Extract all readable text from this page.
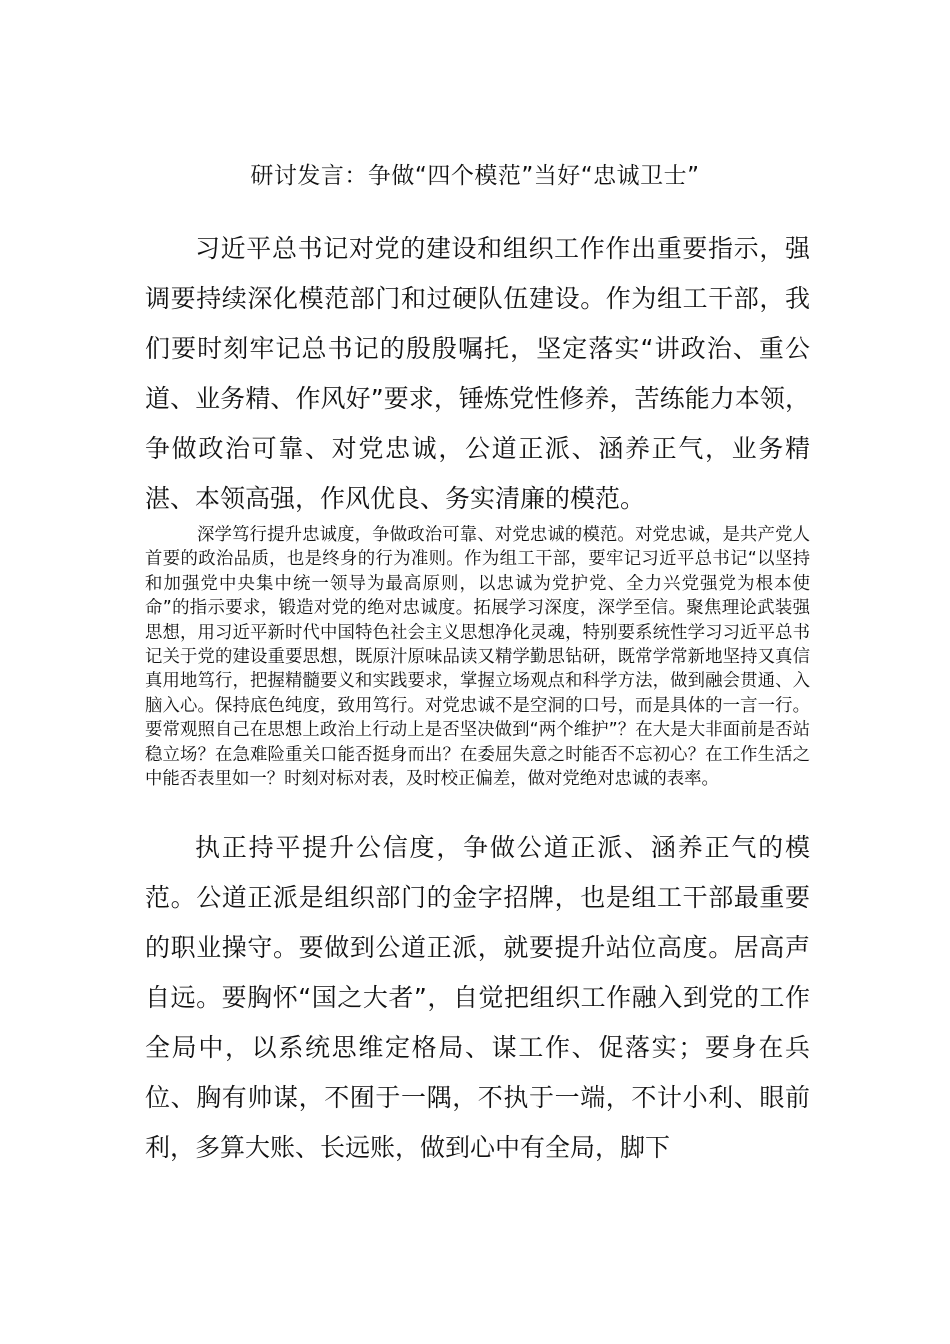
研讨发言：争做“四个模范”当好“忠诚卫士”

习近平总书记对党的建设和组织工作作出重要指示，强调要持续深化模范部门和过硬队伍建设。作为组工干部，我们要时刻牢记总书记的殷殷嘱托，坚定落实“讲政治、重公道、业务精、作风好”要求，锤炼党性修养，苦练能力本领，争做政治可靠、对党忠诚，公道正派、涵养正气，业务精湛、本领高强，作风优良、务实清廉的模范。

深学笃行提升忠诚度，争做政治可靠、对党忠诚的模范。对党忠诚，是共产党人首要的政治品质，也是终身的行为准则。作为组工干部，要牢记习近平总书记“以坚持和加强党中央集中统一领导为最高原则，以忠诚为党护党、全力兴党强党为根本使命”的指示要求，锻造对党的绝对忠诚度。拓展学习深度，深学至信。聚焦理论武装强思想，用习近平新时代中国特色社会主义思想净化灵魂，特别要系统性学习习近平总书记关于党的建设重要思想，既原汁原味品读又精学勤思钻研，既常学常新地坚持又真信真用地笃行，把握精髓要义和实践要求，掌握立场观点和科学方法，做到融会贯通、入脑入心。保持底色纯度，致用笃行。对党忠诚不是空洞的口号，而是具体的一言一行。要常观照自己在思想上政治上行动上是否坚决做到“两个维护”？在大是大非面前是否站稳立场？在急难险重关口能否挺身而出？在委屈失意之时能否不忘初心？在工作生活之中能否表里如一？时刻对标对表，及时校正偏差，做对党绝对忠诚的表率。

执正持平提升公信度，争做公道正派、涵养正气的模范。公道正派是组织部门的金字招牌，也是组工干部最重要的职业操守。要做到公道正派，就要提升站位高度。居高声自远。要胸怀“国之大者”，自觉把组织工作融入到党的工作全局中，以系统思维定格局、谋工作、促落实；要身在兵位、胸有帅谋，不囿于一隅，不执于一端，不计小利、眼前利，多算大账、长远账，做到心中有全局，脚下
